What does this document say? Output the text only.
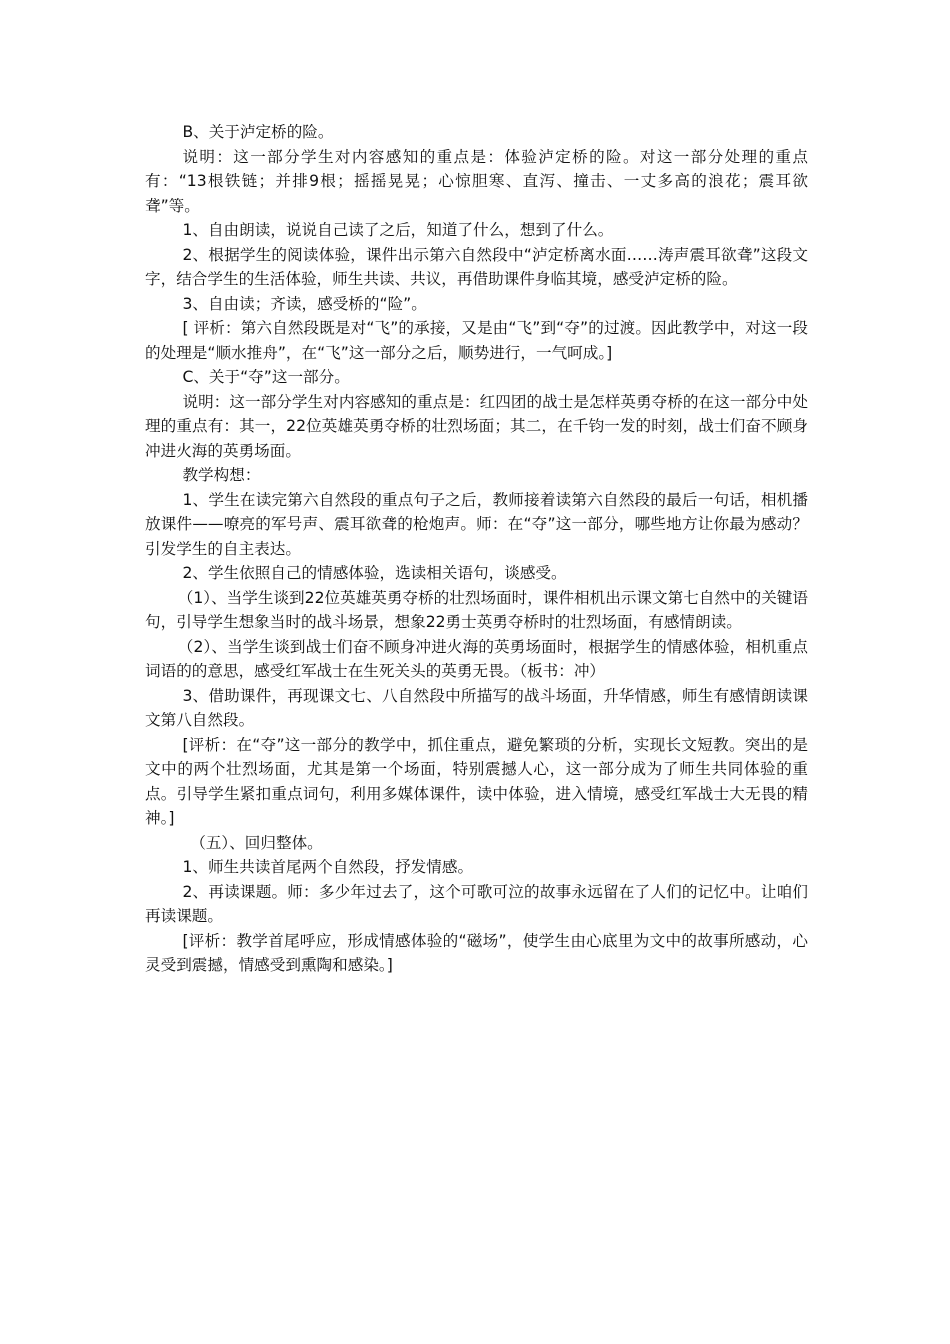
B、关于泸定桥的险。

说明：这一部分学生对内容感知的重点是：体验泸定桥的险。对这一部分处理的重点有：“13根铁链；并排9根；摇摇晃晃；心惊胆寒、直泻、撞击、一丈多高的浪花；震耳欲聋”等。

1、自由朗读，说说自己读了之后，知道了什么，想到了什么。

2、根据学生的阅读体验，课件出示第六自然段中“泸定桥离水面……涛声震耳欲聋”这段文字，结合学生的生活体验，师生共读、共议，再借助课件身临其境，感受泸定桥的险。

3、自由读；齐读，感受桥的“险”。

[ 评析：第六自然段既是对“飞”的承接，又是由“飞”到“夺”的过渡。因此教学中，对这一段的处理是“顺水推舟”，在“飞”这一部分之后，顺势进行，一气呵成。]

C、关于“夺”这一部分。

说明：这一部分学生对内容感知的重点是：红四团的战士是怎样英勇夺桥的在这一部分中处理的重点有：其一，22位英雄英勇夺桥的壮烈场面；其二，在千钧一发的时刻，战士们奋不顾身冲进火海的英勇场面。

教学构想：

1、学生在读完第六自然段的重点句子之后，教师接着读第六自然段的最后一句话，相机播放课件——嘹亮的军号声、震耳欲聋的枪炮声。师：在“夺”这一部分，哪些地方让你最为感动？引发学生的自主表达。

2、学生依照自己的情感体验，选读相关语句，谈感受。

（1）、当学生谈到22位英雄英勇夺桥的壮烈场面时，课件相机出示课文第七自然中的关键语句，引导学生想象当时的战斗场景，想象22勇士英勇夺桥时的壮烈场面，有感情朗读。

（2）、当学生谈到战士们奋不顾身冲进火海的英勇场面时，根据学生的情感体验，相机重点词语的的意思，感受红军战士在生死关头的英勇无畏。（板书：冲）

3、借助课件，再现课文七、八自然段中所描写的战斗场面，升华情感，师生有感情朗读课文第八自然段。

[评析：在“夺”这一部分的教学中，抓住重点，避免繁琐的分析，实现长文短教。突出的是文中的两个壮烈场面，尤其是第一个场面，特别震撼人心，这一部分成为了师生共同体验的重点。引导学生紧扣重点词句，利用多媒体课件，读中体验，进入情境，感受红军战士大无畏的精神。]

（五）、回归整体。

1、师生共读首尾两个自然段，抒发情感。

2、再读课题。师：多少年过去了，这个可歌可泣的故事永远留在了人们的记忆中。让咱们再读课题。

[评析：教学首尾呼应，形成情感体验的“磁场”，使学生由心底里为文中的故事所感动，心灵受到震撼，情感受到熏陶和感染。]
